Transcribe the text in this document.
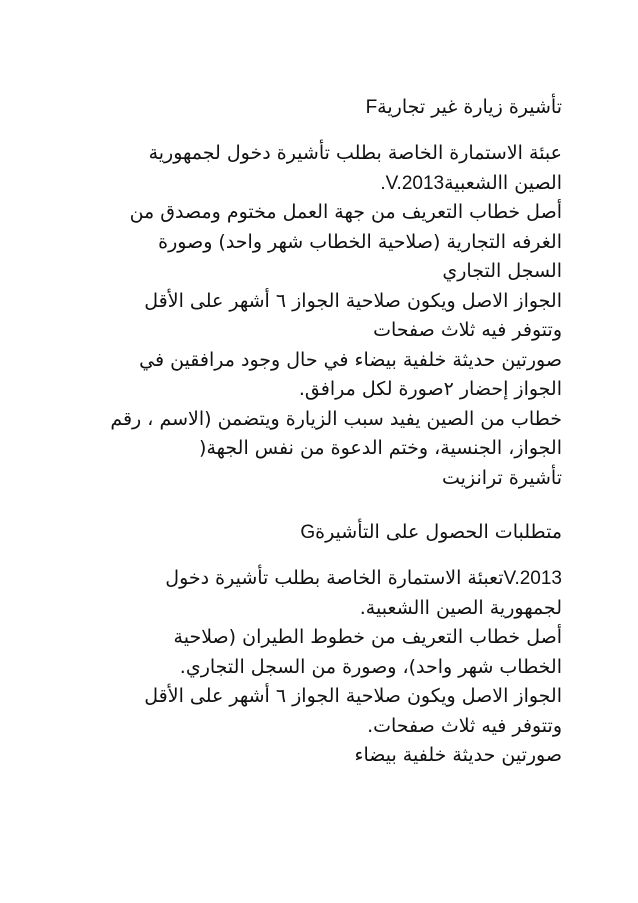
تأشيرة زيارة غير تجاريةF
عبئة الاستمارة الخاصة بطلب تأشيرة دخول لجمهورية
الصين االشعبيةV.2013 .
أصل خطاب التعريف من جهة العمل مختوم ومصدق من
الغرفه التجارية (صلاحية الخطاب شهر واحد) وصورة
السجل التجاري
الجواز الاصل ويكون صلاحية الجواز ٦ أشهر على الأقل
وتتوفر فيه ثلاث صفحات
صورتين حديثة خلفية بيضاء في حال وجود مرافقين في
الجواز إحضار ٢صورة لكل مرافق.
خطاب من الصين يفيد سبب الزيارة ويتضمن (الاسم ، رقم
الجواز، الجنسية، وختم الدعوة من نفس الجهة(
تأشيرة ترانزيت
متطلبات الحصول على التأشيرةG
V.2013تعبئة الاستمارة الخاصة بطلب تأشيرة دخول
لجمهورية الصين االشعبية.
أصل خطاب التعريف من خطوط الطيران (صلاحية
الخطاب شهر واحد)، وصورة من السجل التجاري.
الجواز الاصل ويكون صلاحية الجواز ٦ أشهر على الأقل
وتتوفر فيه ثلاث صفحات.
صورتين حديثة خلفية بيضاء
